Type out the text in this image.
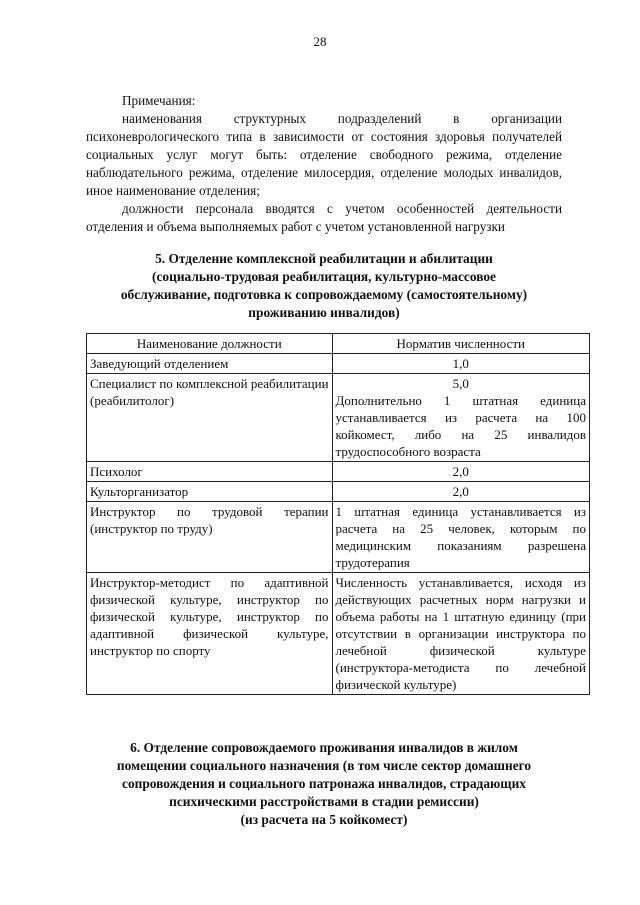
28

Примечания:

наименования структурных подразделений в организации психоневрологического типа в зависимости от состояния здоровья получателей социальных услуг могут быть: отделение свободного режима, отделение наблюдательного режима, отделение милосердия, отделение молодых инвалидов, иное наименование отделения;

должности персонала вводятся с учетом особенностей деятельности отделения и объема выполняемых работ с учетом установленной нагрузки

5. Отделение комплексной реабилитации и абилитации
(социально-трудовая реабилитация, культурно-массовое
обслуживание, подготовка к сопровождаемому (самостоятельному)
проживанию инвалидов)
Наименование должности	Норматив численности
Заведующий отделением	1,0
Специалист по комплексной реабилитации (реабилитолог)	5,0
Дополнительно 1 штатная единица устанавливается из расчета на 100 койкомест, либо на 25 инвалидов трудоспособного возраста

Психолог	2,0
Культорганизатор	2,0
Инструктор по трудовой терапии (инструктор по труду)	1 штатная единица устанавливается из расчета на 25 человек, которым по медицинским показаниям разрешена трудотерапия
Инструктор-методист по адаптивной физической культуре, инструктор по физической культуре, инструктор по адаптивной физической культуре, инструктор по спорту	Численность устанавливается, исходя из действующих расчетных норм нагрузки и объема работы на 1 штатную единицу (при отсутствии в организации инструктора по лечебной физической культуре (инструктора-методиста по лечебной физической культуре)
6. Отделение сопровождаемого проживания инвалидов в жилом
помещении социального назначения (в том числе сектор домашнего
сопровождения и социального патронажа инвалидов, страдающих
психическими расстройствами в стадии ремиссии)
(из расчета на 5 койкомест)
